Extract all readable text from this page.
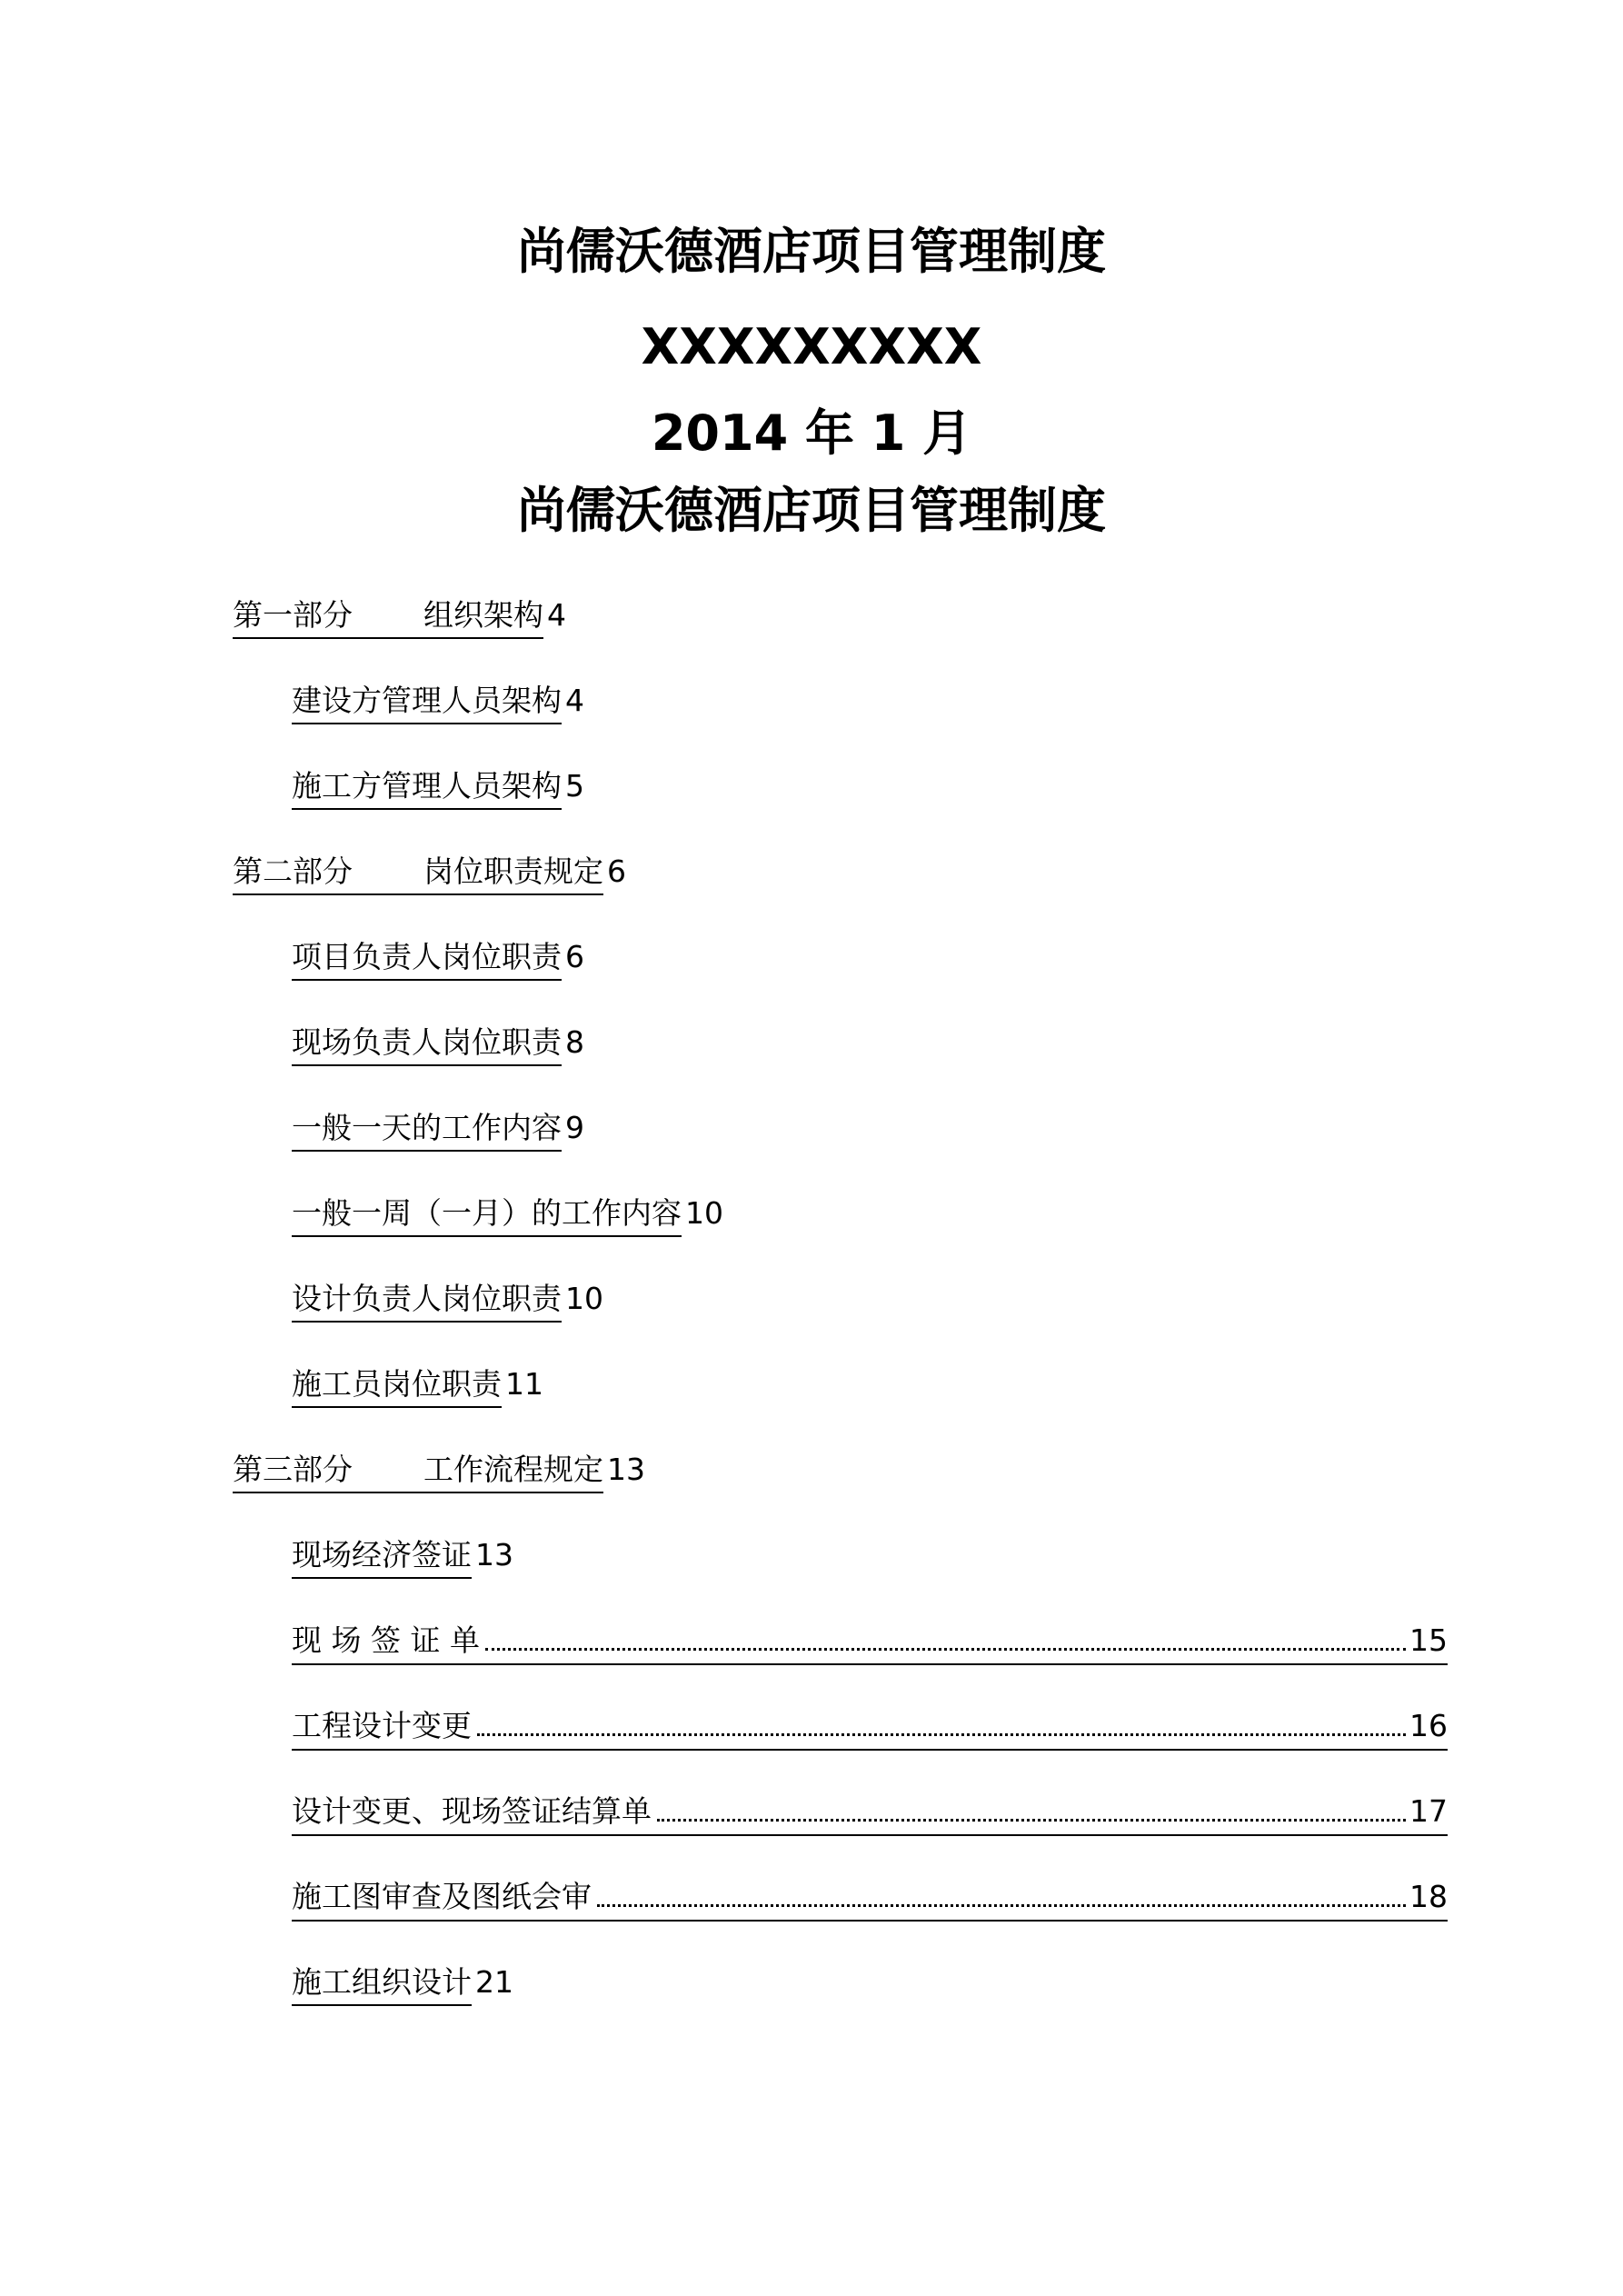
尚儒沃德酒店项目管理制度
XXXXXXXXX
2014 年 1 月
尚儒沃德酒店项目管理制度
第一部分 组织架构 4
建设方管理人员架构 4
施工方管理人员架构 5
第二部分 岗位职责规定 6
项目负责人岗位职责 6
现场负责人岗位职责 8
一般一天的工作内容 9
一般一周（一月）的工作内容 10
设计负责人岗位职责 10
施工员岗位职责 11
第三部分 工作流程规定 13
现场经济签证 13
现 场 签 证 单	15
工程设计变更	16
设计变更、现场签证结算单	17
施工图审查及图纸会审	18
施工组织设计 21
